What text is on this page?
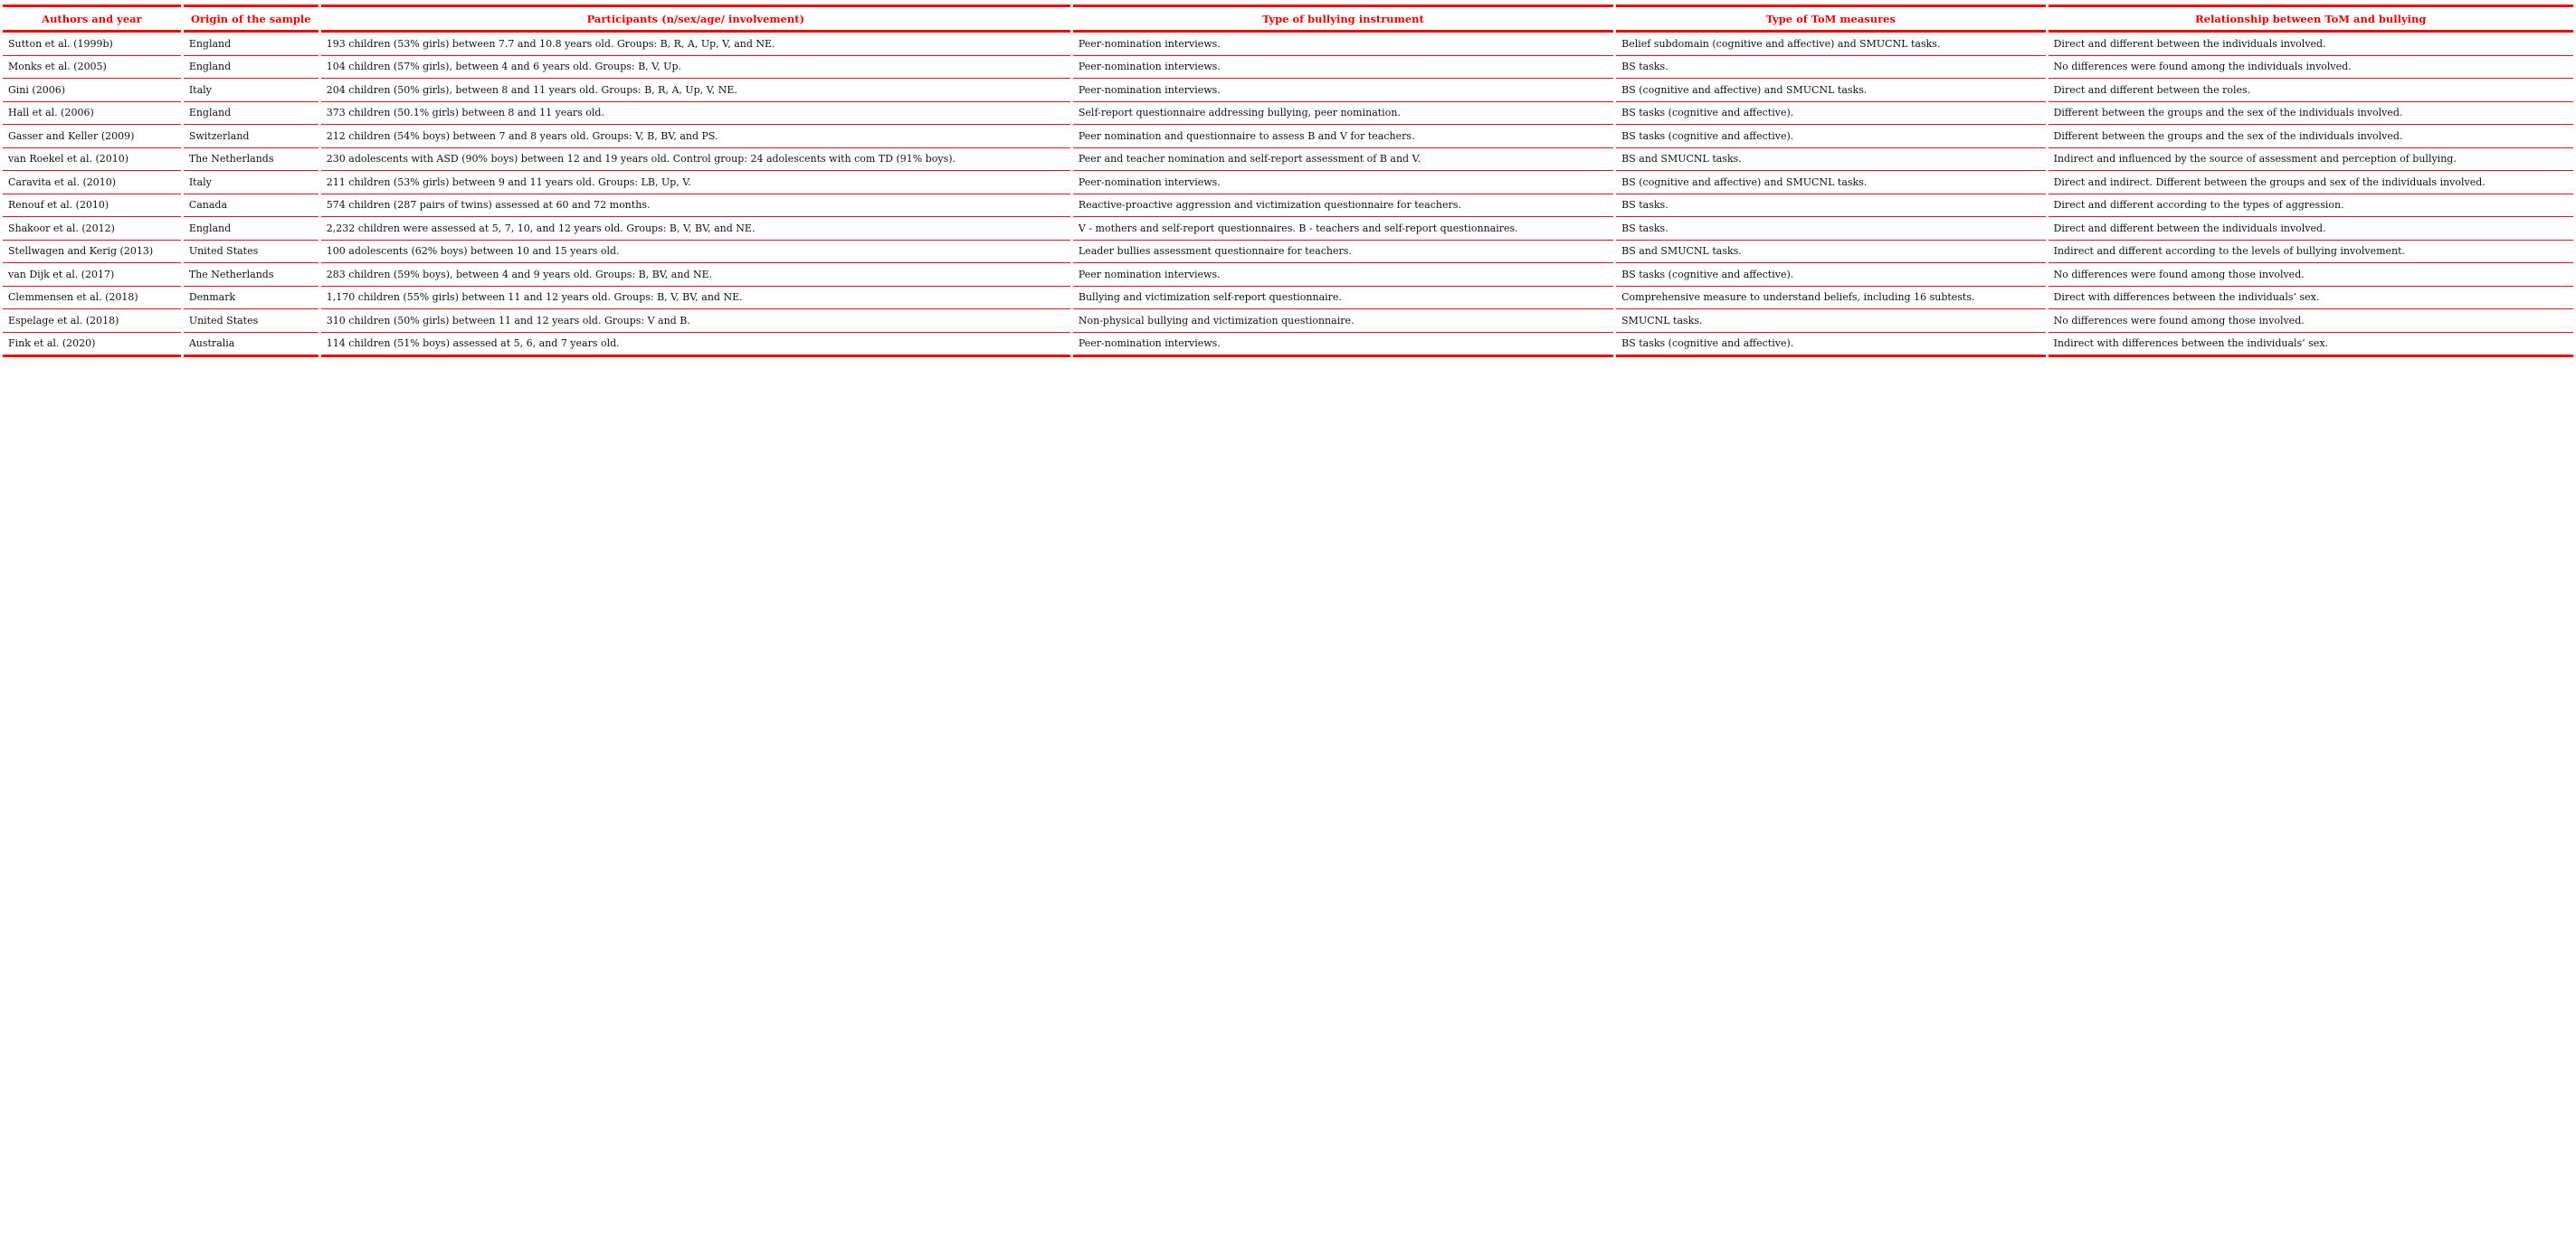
Authors and year	Origin of the sample	Participants (n/sex/age/ involvement)	Type of bullying instrument	Type of ToM measures	Relationship between ToM and bullying
Sutton et al. (1999b)	England	193 children (53% girls) between 7.7 and 10.8 years old. Groups: B, R, A, Up, V, and NE.	Peer-nomination interviews.	Belief subdomain (cognitive and affective) and SMUCNL tasks.	Direct and different between the individuals involved.
Monks et al. (2005)	England	104 children (57% girls), between 4 and 6 years old. Groups: B, V, Up.	Peer-nomination interviews.	BS tasks.	No differences were found among the individuals involved.
Gini (2006)	Italy	204 children (50% girls), between 8 and 11 years old. Groups: B, R, A, Up, V, NE.	Peer-nomination interviews.	BS (cognitive and affective) and SMUCNL tasks.	Direct and different between the roles.
Hall et al. (2006)	England	373 children (50.1% girls) between 8 and 11 years old.	Self-report questionnaire addressing bullying, peer nomination.	BS tasks (cognitive and affective).	Different between the groups and the sex of the individuals involved.
Gasser and Keller (2009)	Switzerland	212 children (54% boys) between 7 and 8 years old. Groups: V, B, BV, and PS.	Peer nomination and questionnaire to assess B and V for teachers.	BS tasks (cognitive and affective).	Different between the groups and the sex of the individuals involved.
van Roekel et al. (2010)	The Netherlands	230 adolescents with ASD (90% boys) between 12 and 19 years old. Control group: 24 adolescents with com TD (91% boys).	Peer and teacher nomination and self-report assessment of B and V.	BS and SMUCNL tasks.	Indirect and influenced by the source of assessment and perception of bullying.
Caravita et al. (2010)	Italy	211 children (53% girls) between 9 and 11 years old. Groups: LB, Up, V.	Peer-nomination interviews.	BS (cognitive and affective) and SMUCNL tasks.	Direct and indirect. Different between the groups and sex of the individuals involved.
Renouf et al. (2010)	Canada	574 children (287 pairs of twins) assessed at 60 and 72 months.	Reactive-proactive aggression and victimization questionnaire for teachers.	BS tasks.	Direct and different according to the types of aggression.
Shakoor et al. (2012)	England	2,232 children were assessed at 5, 7, 10, and 12 years old. Groups: B, V, BV, and NE.	V - mothers and self-report questionnaires. B - teachers and self-report questionnaires.	BS tasks.	Direct and different between the individuals involved.
Stellwagen and Kerig (2013)	United States	100 adolescents (62% boys) between 10 and 15 years old.	Leader bullies assessment questionnaire for teachers.	BS and SMUCNL tasks.	Indirect and different according to the levels of bullying involvement.
van Dijk et al. (2017)	The Netherlands	283 children (59% boys), between 4 and 9 years old. Groups: B, BV, and NE.	Peer nomination interviews.	BS tasks (cognitive and affective).	No differences were found among those involved.
Clemmensen et al. (2018)	Denmark	1,170 children (55% girls) between 11 and 12 years old. Groups: B, V, BV, and NE.	Bullying and victimization self-report questionnaire.	Comprehensive measure to understand beliefs, including 16 subtests.	Direct with differences between the individuals’ sex.
Espelage et al. (2018)	United States	310 children (50% girls) between 11 and 12 years old. Groups: V and B.	Non-physical bullying and victimization questionnaire.	SMUCNL tasks.	No differences were found among those involved.
Fink et al. (2020)	Australia	114 children (51% boys) assessed at 5, 6, and 7 years old.	Peer-nomination interviews.	BS tasks (cognitive and affective).	Indirect with differences between the individuals’ sex.
